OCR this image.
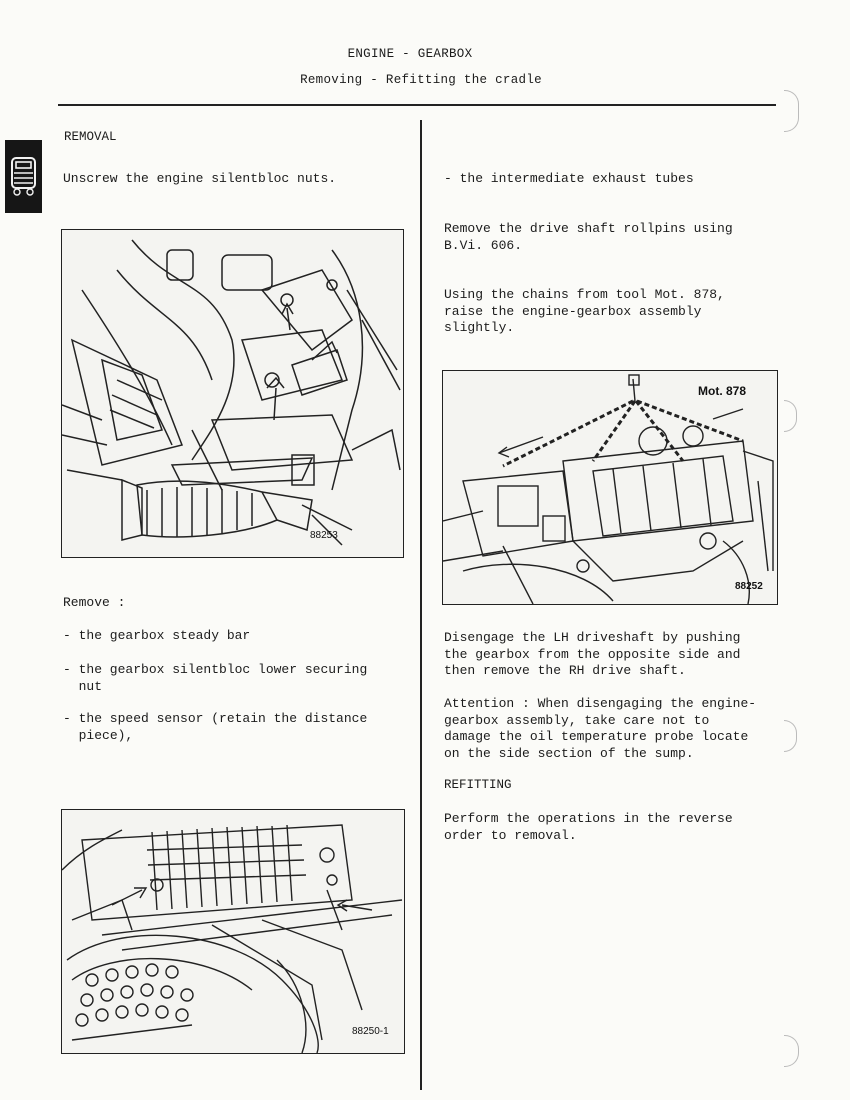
ENGINE - GEARBOX
Removing - Refitting the cradle
REMOVAL
Unscrew the engine silentbloc nuts.
88253
Remove :
- the gearbox steady bar
- the gearbox silentbloc lower securing
nut
- the speed sensor (retain the distance
piece),
88250-1
- the intermediate exhaust tubes
Remove the drive shaft rollpins using
B.Vi. 606.
Using the chains from tool Mot. 878,
raise the engine-gearbox assembly
slightly.
Mot. 878
88252
Disengage the LH driveshaft by pushing
the gearbox from the opposite side and
then remove the RH drive shaft.
Attention : When disengaging the engine-
gearbox assembly, take care not to
damage the oil temperature probe locate
on the side section of the sump.
REFITTING
Perform the operations in the reverse
order to removal.
